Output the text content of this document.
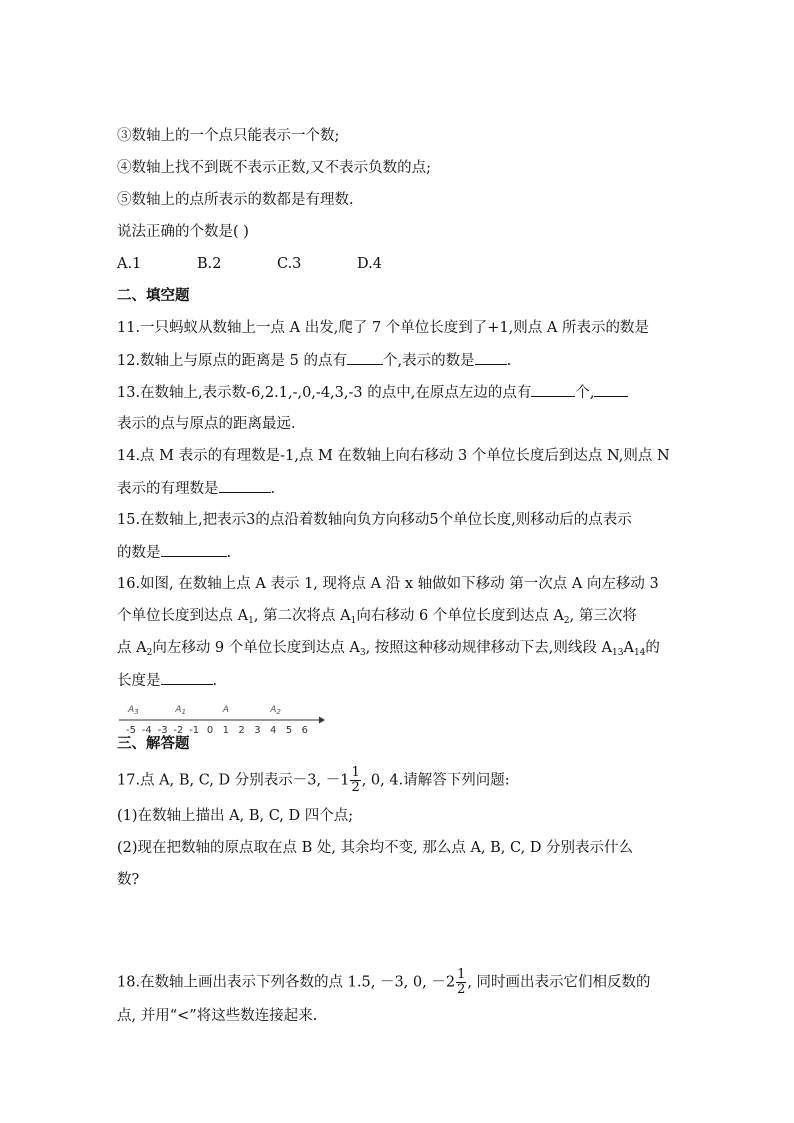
③数轴上的一个点只能表示一个数;
④数轴上找不到既不表示正数,又不表示负数的点;
⑤数轴上的点所表示的数都是有理数.
说法正确的个数是( )
A.1	B.2	C.3	D.4
二、填空题
11.一只蚂蚁从数轴上一点 A 出发,爬了 7 个单位长度到了+1,则点 A 所表示的数是
12.数轴上与原点的距离是 5 的点有 个,表示的数是 .
13.在数轴上,表示数-6,2.1,-,0,-4,3,-3 的点中,在原点左边的点有	个,
表示的点与原点的距离最远.
14.点 M 表示的有理数是-1,点 M 在数轴上向右移动 3 个单位长度后到达点 N,则点 N
表示的有理数是	.
15.在数轴上,把表示3的点沿着数轴向负方向移动5个单位长度,则移动后的点表示
的数是	.
16.如图, 在数轴上点 A 表示 1, 现将点 A 沿 x 轴做如下移动 第一次点 A 向左移动 3
个单位长度到达点 $A_1$, 第二次将点 $A_1$向右移动 6 个单位长度到达点 $A_2$, 第三次将
点 $A_2$向左移动 9 个单位长度到达点 $A_3$, 按照这种移动规律移动下去,则线段 $A_{13}A_{14}$的
长度是	.
$A_3$	$A_1$	A	$A_2$
-5 -4 -3 -2 -1 0 1 2 3 4 5 6
三、解答题
17.点 A, B, C, D 分别表示－3, $-1 \frac{1}{2}$ , 0, 4.请解答下列问题:
(1)在数轴上描出 A, B, C, D 四个点;
(2)现在把数轴的原点取在点 B 处, 其余均不变, 那么点 A, B, C, D 分别表示什么
数?
18.在数轴上画出表示下列各数的点 1.5, －3, 0, $-2 \frac{1}{2}$ , 同时画出表示它们相反数的
点, 并用“<”将这些数连接起来.
